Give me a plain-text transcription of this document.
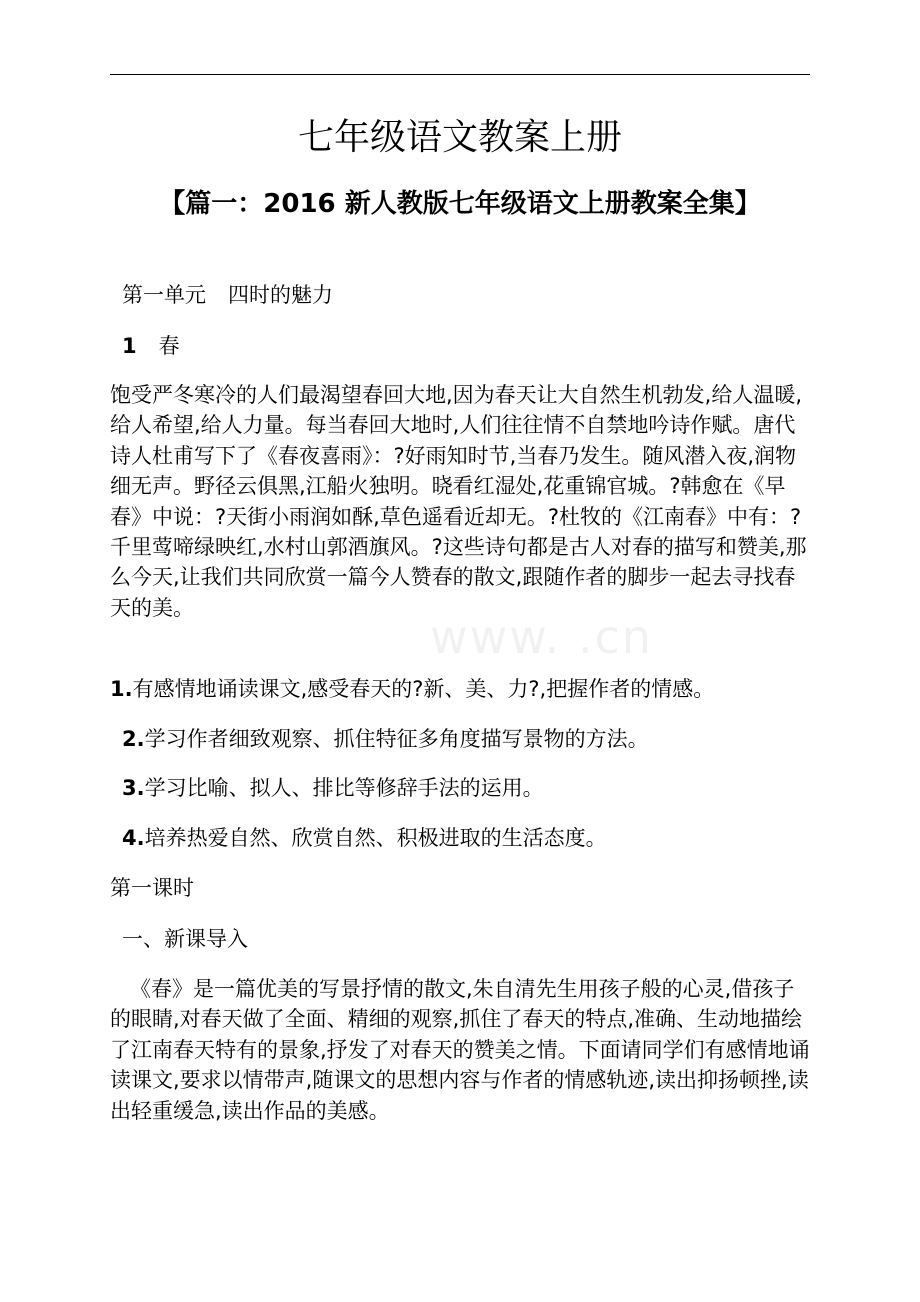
七年级语文教案上册
【篇一：2016 新人教版七年级语文上册教案全集】
第一单元 四时的魅力
1 春

饱受严冬寒冷的人们最渴望春回大地,因为春天让大自然生机勃发,给人温暖,给人希望,给人力量。每当春回大地时,人们往往情不自禁地吟诗作赋。唐代诗人杜甫写下了《春夜喜雨》：?好雨知时节,当春乃发生。随风潜入夜,润物细无声。野径云俱黑,江船火独明。晓看红湿处,花重锦官城。?韩愈在《早春》中说：?天街小雨润如酥,草色遥看近却无。?杜牧的《江南春》中有：?千里莺啼绿映红,水村山郭酒旗风。?这些诗句都是古人对春的描写和赞美,那么今天,让我们共同欣赏一篇今人赞春的散文,跟随作者的脚步一起去寻找春天的美。

1.有感情地诵读课文,感受春天的?新、美、力?,把握作者的情感。
2.学习作者细致观察、抓住特征多角度描写景物的方法。
3.学习比喻、拟人、排比等修辞手法的运用。
4.培养热爱自然、欣赏自然、积极进取的生活态度。
第一课时
一、新课导入

《春》是一篇优美的写景抒情的散文,朱自清先生用孩子般的心灵,借孩子的眼睛,对春天做了全面、精细的观察,抓住了春天的特点,准确、生动地描绘了江南春天特有的景象,抒发了对春天的赞美之情。下面请同学们有感情地诵读课文,要求以情带声,随课文的思想内容与作者的情感轨迹,读出抑扬顿挫,读出轻重缓急,读出作品的美感。

www. .cn
